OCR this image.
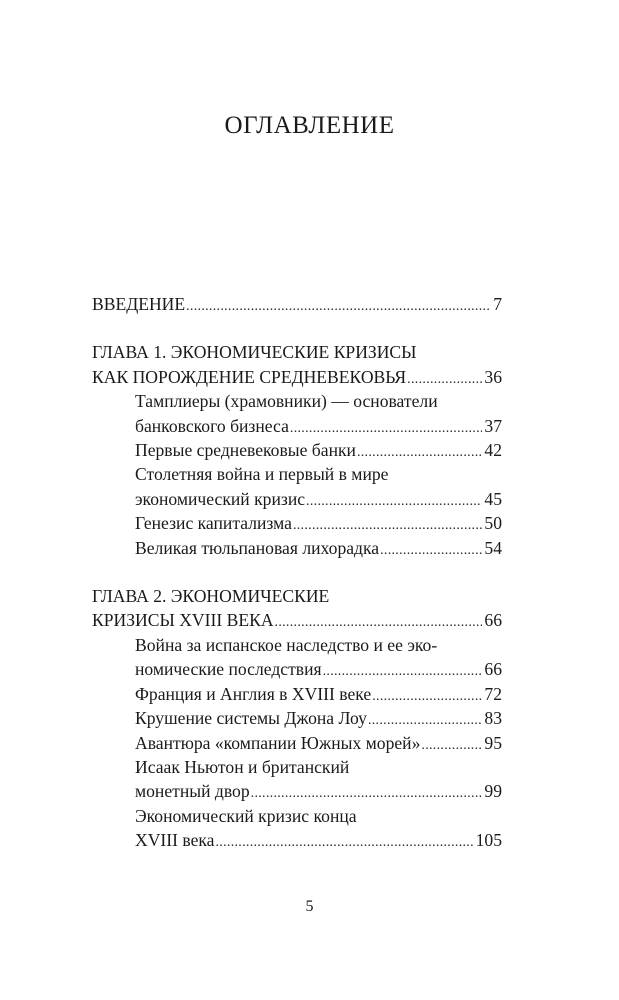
ОГЛАВЛЕНИЕ
ВВЕДЕНИЕ . . .	7
ГЛАВА 1. ЭКОНОМИЧЕСКИЕ КРИЗИСЫ
КАК ПОРОЖДЕНИЕ СРЕДНЕВЕКОВЬЯ . . .	36
Тамплиеры (храмовники) — основатели
банковского бизнеса . . .	37
Первые средневековые банки . . .	42
Столетняя война и первый в мире
экономический кризис . . .	45
Генезис капитализма . . .	50
Великая тюльпановая лихорадка . . .	54
ГЛАВА 2. ЭКОНОМИЧЕСКИЕ
КРИЗИСЫ XVIII ВЕКА . . .	66
Война за испанское наследство и ее эко-
номические последствия . . .	66
Франция и Англия в XVIII веке . . .	72
Крушение системы Джона Лоу . . .	83
Авантюра «компании Южных морей» . . .	95
Исаак Ньютон и британский
монетный двор . . .	99
Экономический кризис конца
XVIII века . . .	105
5
